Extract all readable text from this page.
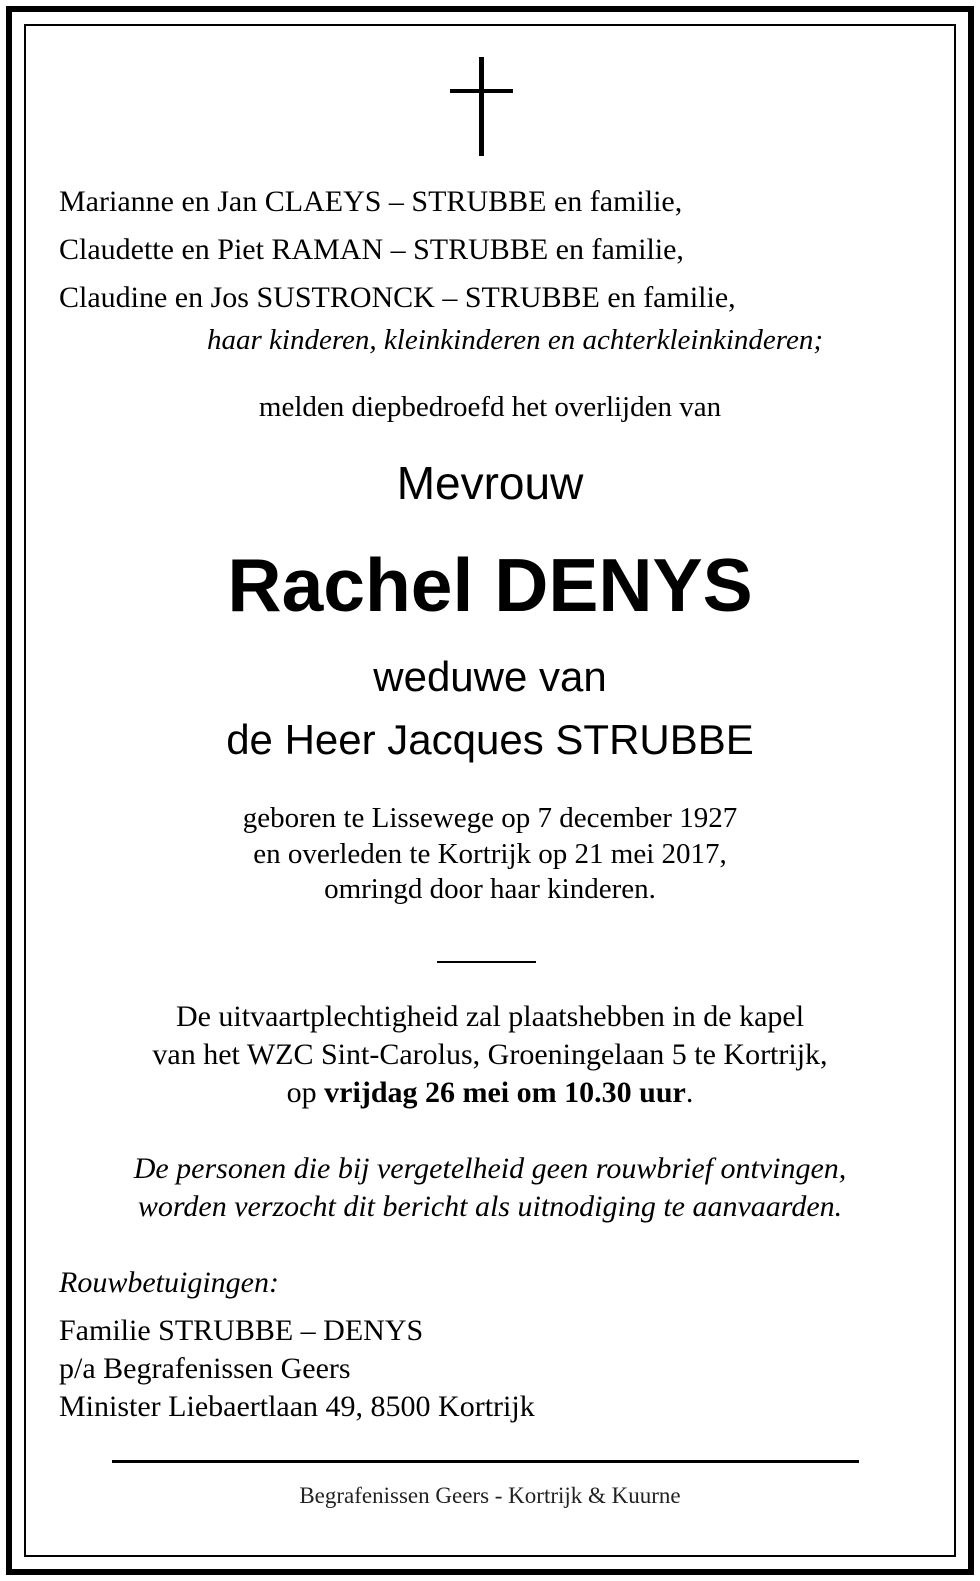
Marianne en Jan CLAEYS – STRUBBE en familie,

Claudette en Piet RAMAN – STRUBBE en familie,

Claudine en Jos SUSTRONCK – STRUBBE en familie,

haar kinderen, kleinkinderen en achterkleinkinderen;

melden diepbedroefd het overlijden van

Mevrouw

Rachel DENYS

weduwe van

de Heer Jacques STRUBBE

geboren te Lissewege op 7 december 1927

en overleden te Kortrijk op 21 mei 2017,

omringd door haar kinderen.

De uitvaartplechtigheid zal plaatshebben in de kapel

van het WZC Sint-Carolus, Groeningelaan 5 te Kortrijk,

op vrijdag 26 mei om 10.30 uur.

De personen die bij vergetelheid geen rouwbrief ontvingen,

worden verzocht dit bericht als uitnodiging te aanvaarden.

Rouwbetuigingen:

Familie STRUBBE – DENYS

p/a Begrafenissen Geers

Minister Liebaertlaan 49, 8500 Kortrijk

Begrafenissen Geers - Kortrijk & Kuurne
